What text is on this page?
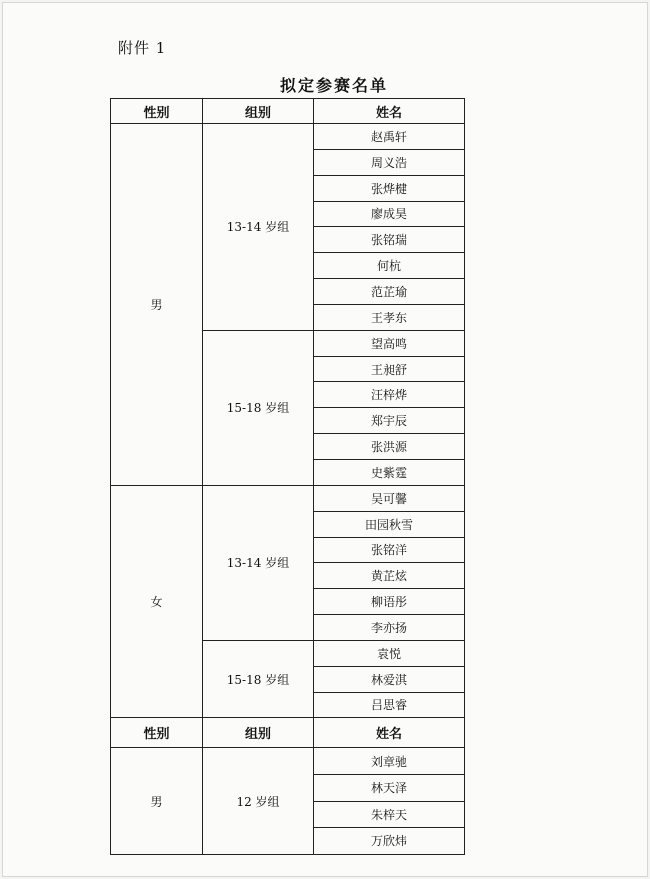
附件 1
拟定参赛名单
性别	组别	姓名
男	13-14 岁组	赵禹轩
		周义浩
		张烨楗
		廖成昊
		张铭瑞
		何杭
		范芷瑜
		王孝东
	15-18 岁组	望高鸣
		王昶舒
		汪梓烨
		郑宇辰
		张洪源
		史紫霆
女	13-14 岁组	吴可馨
		田园秋雪
		张铭洋
		黄芷炫
		柳语彤
		李亦扬
	15-18 岁组	袁悦
		林爱淇
		吕思睿
性别	组别	姓名
男	12 岁组	刘章驰
		林天泽
		朱梓天
		万欣炜
